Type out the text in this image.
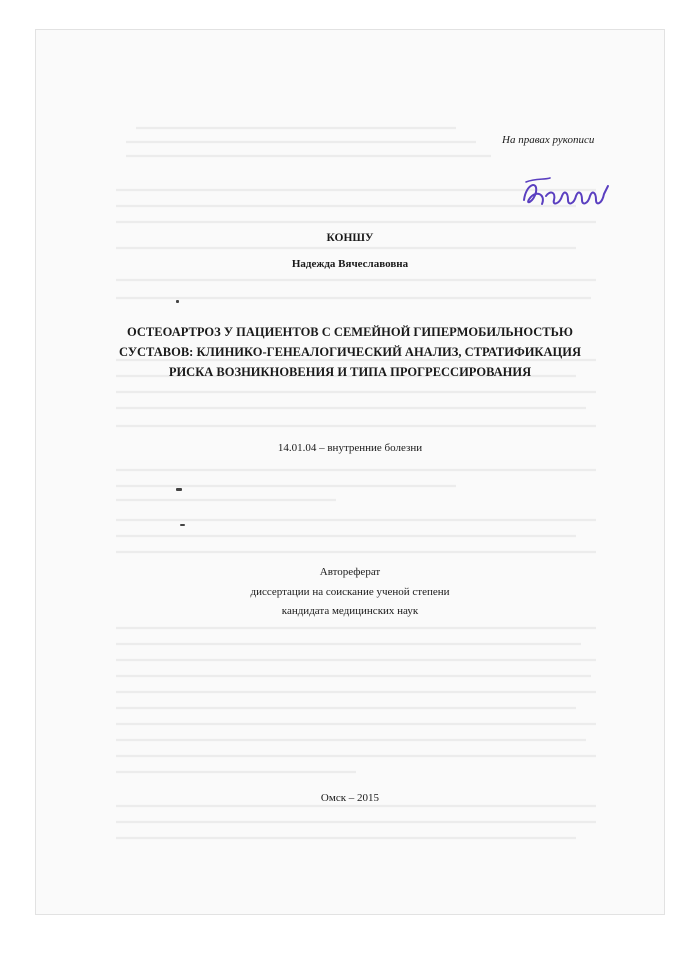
На правах рукописи
КОНШУ
Надежда Вячеславовна
ОСТЕОАРТРОЗ У ПАЦИЕНТОВ С СЕМЕЙНОЙ ГИПЕРМОБИЛЬНОСТЬЮ
СУСТАВОВ: КЛИНИКО-ГЕНЕАЛОГИЧЕСКИЙ АНАЛИЗ, СТРАТИФИКАЦИЯ
РИСКА ВОЗНИКНОВЕНИЯ И ТИПА ПРОГРЕССИРОВАНИЯ
14.01.04 – внутренние болезни
Автореферат
диссертации на соискание ученой степени
кандидата медицинских наук
Омск – 2015
